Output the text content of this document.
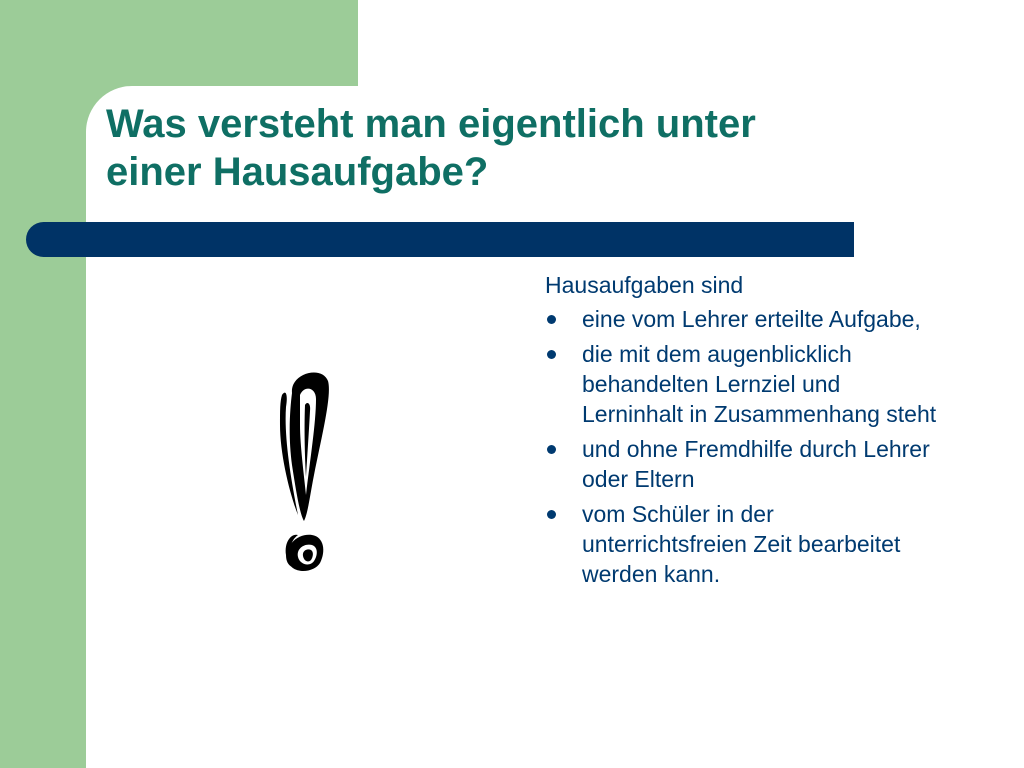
Was versteht man eigentlich unter
einer Hausaufgabe?

Hausaufgaben sind

eine vom Lehrer erteilte Aufgabe,
die mit dem augenblicklich behandelten Lernziel und Lerninhalt in Zusammenhang steht
und ohne Fremdhilfe durch Lehrer oder Eltern
vom Schüler in der unterrichtsfreien Zeit bearbeitet werden kann.
